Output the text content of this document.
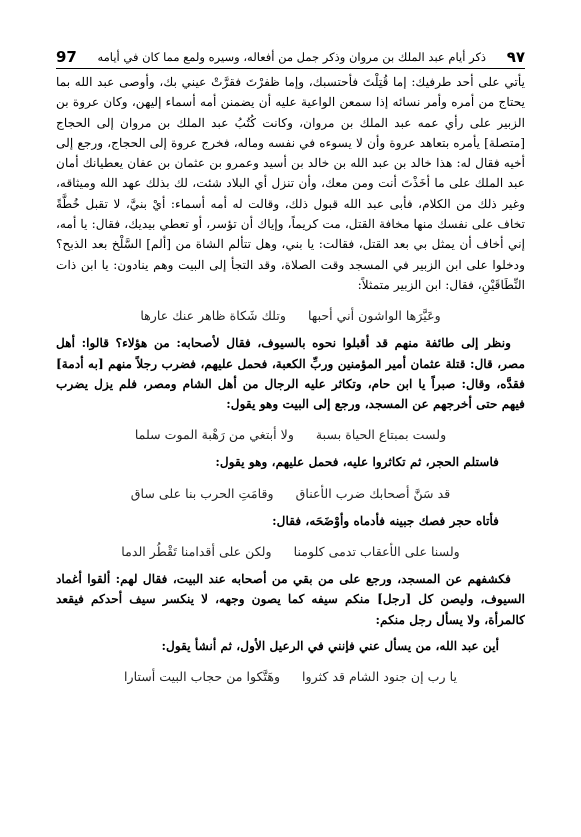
97	ذكر أيام عبد الملك بن مروان وذكر جمل من أفعاله، وسيره ولمع مما كان في أيامه	٩٧

يأتي على أحد طرفيك: إما قُتِلْتَ فأحتسبك، وإما ظفرْتَ فقرَّتْ عيني بك، وأوصى عبد الله بما يحتاج من أمره وأمر نسائه إذا سمعن الواعية عليه أن يضمنن أمه أسماء إليهن، وكان عروة بن الزبير على رأي عمه عبد الملك بن مروان، وكانت كُتُبُ عبد الملك بن مروان إلى الحجاج [متصلة] يأمره بتعاهد عروة وأن لا يسوءه في نفسه وماله، فخرج عروة إلى الحجاج، ورجع إلى أخيه فقال له: هذا خالد بن عبد الله بن خالد بن أسيد وعمرو بن عثمان بن عفان يعطيانك أمان عبد الملك على ما أخَذْتَ أنت ومن معك، وأن تنزل أي البلاد شئت، لك بذلك عهد الله وميثاقه، وغير ذلك من الكلام، فأبى عبد الله قبول ذلك، وقالت له أمه أسماء: أيْ بنيَّ، لا تقبل خُطَّةً تخاف على نفسك منها مخافة القتل، مت كريماً، وإياك أن تؤسر، أو تعطي بيديك، فقال: يا أمه، إني أخاف أن يمثل بي بعد القتل، فقالت: يا بني، وهل تتألم الشاة من [ألم] السَّلْخ بعد الذبح؟ ودخلوا على ابن الزبير في المسجد وقت الصلاة، وقد التجأ إلى البيت وهم ينادون: يا ابن ذات النِّطَاقَيْنِ، فقال: ابن الزبير متمثلاً:

وعَيَّرَها الواشون أني أحبها
وتلك شَكاة ظاهر عنك عارها

ونظر إلى طائفة منهم قد أقبلوا نحوه بالسيوف، فقال لأصحابه: من هؤلاء؟ قالوا: أهل مصر، قال: قتلة عثمان أمير المؤمنين وربِّ الكعبة، فحمل عليهم، فضرب رجلاً منهم [به أدمة] فقدَّه، وقال: صبراً يا ابن حام، وتكاثر عليه الرجال من أهل الشام ومصر، فلم يزل يضرب فيهم حتى أخرجهم عن المسجد، ورجع إلى البيت وهو يقول:

ولست بمبتاع الحياة بسبة
ولا أبتغي من رَهْبة الموت سلما

فاستلم الحجر، ثم تكاثروا عليه، فحمل عليهم، وهو يقول:

قد سَنَّ أصحابك ضرب الأعناق
وقامَتِ الحرب بنا على ساق

فأتاه حجر فصك جبينه فأدماه وأوْضَحَه، فقال:

ولسنا على الأعقاب تدمى كلومنا
ولكن على أقدامنا تَقْطُر الدما

فكشفهم عن المسجد، ورجع على من بقي من أصحابه عند البيت، فقال لهم: ألقوا أغماد السيوف، وليصن كل [رجل] منكم سيفه كما يصون وجهه، لا ينكسر سيف أحدكم فيقعد كالمرأة، ولا يسأل رجل منكم:

أين عبد الله، من يسأل عني فإنني في الرعيل الأول، ثم أنشأ يقول:

يا رب إن جنود الشام قد كثروا
وهَتَّكوا من حجاب البيت أستارا
